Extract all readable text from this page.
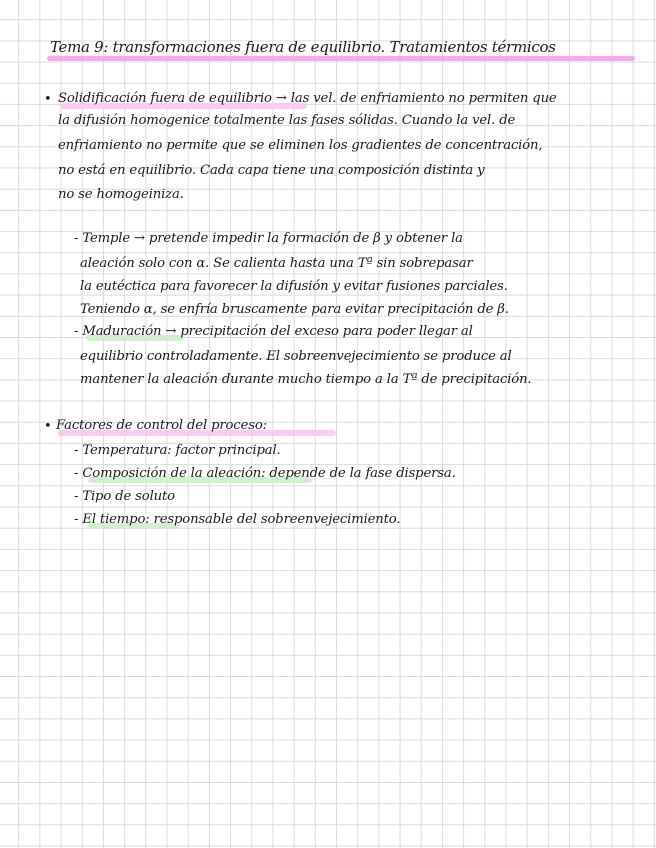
Tema 9: transformaciones fuera de equilibrio. Tratamientos térmicos

• Solidificación fuera de equilibrio → las vel. de enfriamiento no permiten que

la difusión homogenice totalmente las fases sólidas. Cuando la vel. de

enfriamiento no permite que se eliminen los gradientes de concentración,

no está en equilibrio. Cada capa tiene una composición distinta y

no se homogeiniza.

- Temple → pretende impedir la formación de β y obtener la

aleación solo con α. Se calienta hasta una Tª sin sobrepasar

la eutéctica para favorecer la difusión y evitar fusiones parciales.

Teniendo α, se enfría bruscamente para evitar precipitación de β.

- Maduración → precipitación del exceso para poder llegar al

equilibrio controladamente. El sobreenvejecimiento se produce al

mantener la aleación durante mucho tiempo a la Tª de precipitación.

• Factores de control del proceso:

- Temperatura: factor principal.

- Composición de la aleación: depende de la fase dispersa.

- Tipo de soluto

- El tiempo: responsable del sobreenvejecimiento.
